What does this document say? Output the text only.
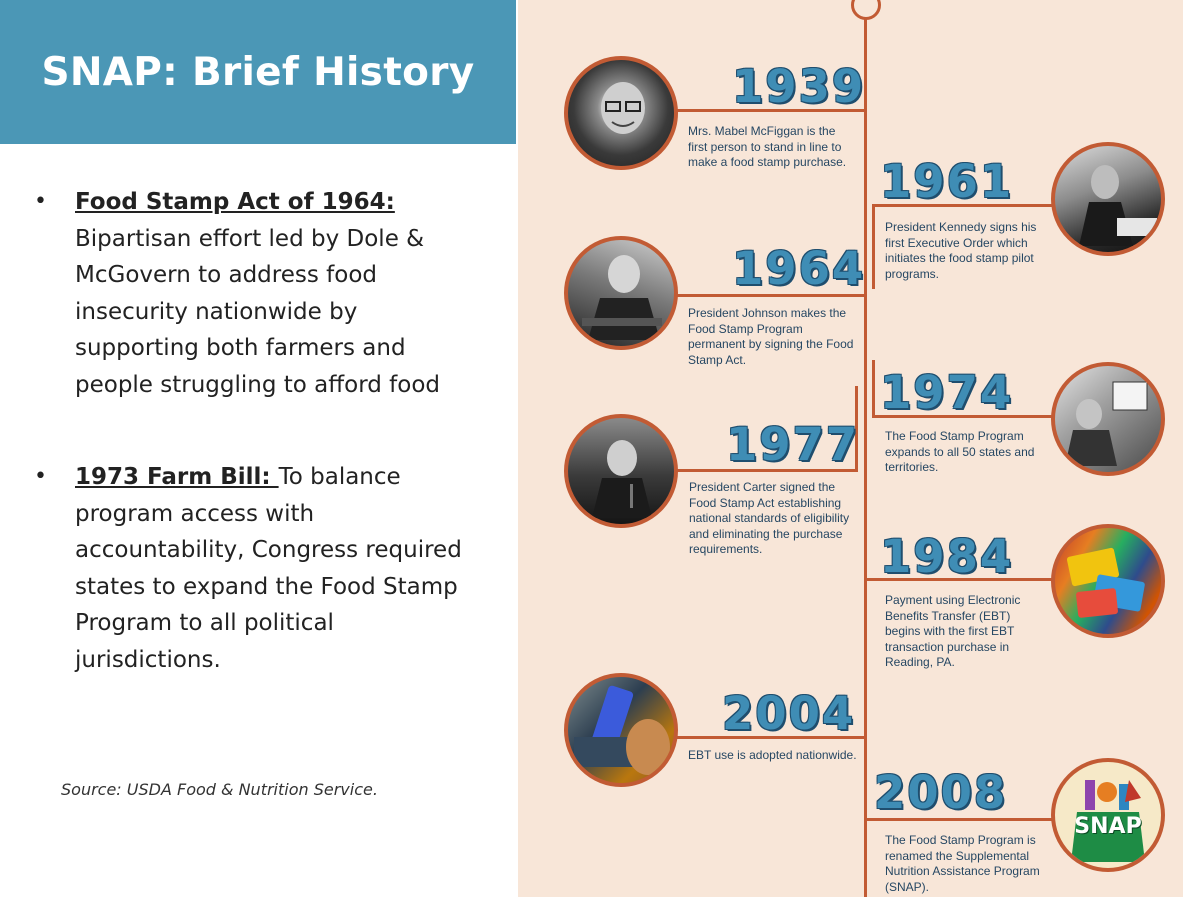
SNAP: Brief History
• Food Stamp Act of 1964: Bipartisan effort led by Dole & McGovern to address food insecurity nationwide by supporting both farmers and people struggling to afford food
• 1973 Farm Bill: To balance program access with accountability, Congress required states to expand the Food Stamp Program to all political jurisdictions.
Source: USDA Food & Nutrition Service.
1939
Mrs. Mabel McFiggan is the first person to stand in line to make a food stamp purchase. 1961
President Kennedy signs his first Executive Order which initiates the food stamp pilot programs.
1964
President Johnson makes the Food Stamp Program permanent by signing the Food Stamp Act.
1974
The Food Stamp Program expands to all 50 states and territories.
1977
President Carter signed the Food Stamp Act establishing national standards of eligibility and eliminating the purchase requirements.	1984
Payment using Electronic Benefits Transfer (EBT) begins with the first EBT transaction purchase in Reading, PA.
2004
EBT use is adopted nationwide.
SNAP
2008
The Food Stamp Program is renamed the Supplemental Nutrition Assistance Program (SNAP).
